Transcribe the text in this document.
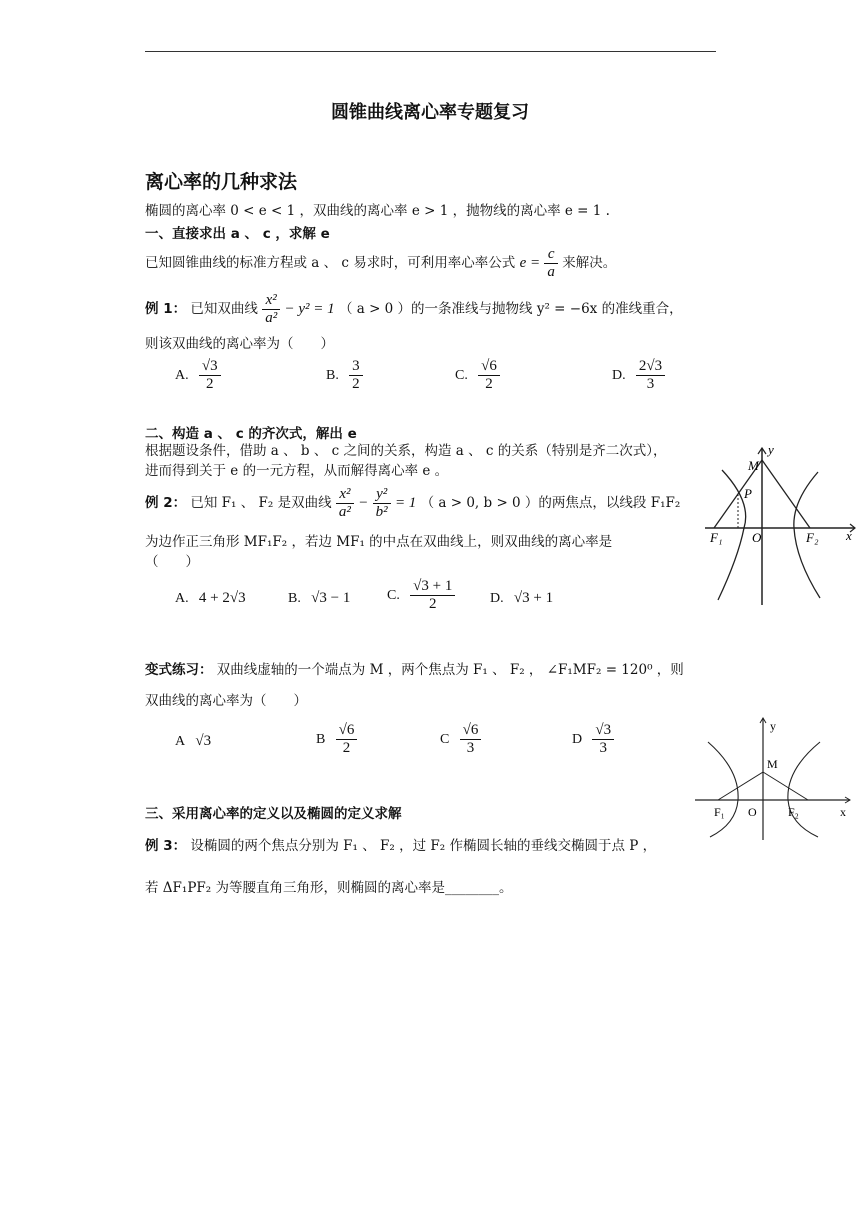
圆锥曲线离心率专题复习
离心率的几种求法
椭圆的离心率 0 < e < 1 ，双曲线的离心率 e > 1 ，抛物线的离心率 e = 1 .
一、直接求出 a 、 c ，求解 e
已知圆锥曲线的标准方程或 a 、 c 易求时，可利用率心率公式 $e = \frac{c}{a}$ 来解决。
例 1： 已知双曲线 $\frac{\text{x²}}{\text{a²}} - y^2 = 1$ （ a > 0 ）的一条准线与抛物线 y² = −6x 的准线重合，
则该双曲线的离心率为（　　）
A. $\frac{√3}{2}$	B. $\frac{3}{2}$	C. $\frac{√6}{2}$	D. $\frac{2√3}{3}$
二、构造 a 、 c 的齐次式，解出 e
根据题设条件，借助 a 、 b 、 c 之间的关系，构造 a 、 c 的关系（特别是齐二次式），
进而得到关于 e 的一元方程，从而解得离心率 e 。
例 2： 已知 F₁ 、 F₂ 是双曲线 $\frac{\text{x²}}{\text{a²}} - \frac{\text{y²}}{\text{b²}} = 1$ （ a > 0, b > 0 ）的两焦点，以线段 F₁F₂
为边作正三角形 MF₁F₂ ，若边 MF₁ 的中点在双曲线上，则双曲线的离心率是
（　　）
A. 4 + 2√3	B. √3 − 1	C. $\frac{√3 + 1}{2} D$. √3 + 1
y
M
P
F₁ O	F₂ x
变式练习： 双曲线虚轴的一个端点为 M ，两个焦点为 F₁ 、 F₂ ， ∠F₁MF₂ = 120⁰ ，则
双曲线的离心率为（　　）
A √3	B $\frac{√6}{2}$	C $\frac{√6}{3}$	D $\frac{√3}{3}$	y
M
F₁ O	F₂	x
三、采用离心率的定义以及椭圆的定义求解
例 3： 设椭圆的两个焦点分别为 F₁ 、 F₂ ，过 F₂ 作椭圆长轴的垂线交椭圆于点 P ，
若 ΔF₁PF₂ 为等腰直角三角形，则椭圆的离心率是________。
